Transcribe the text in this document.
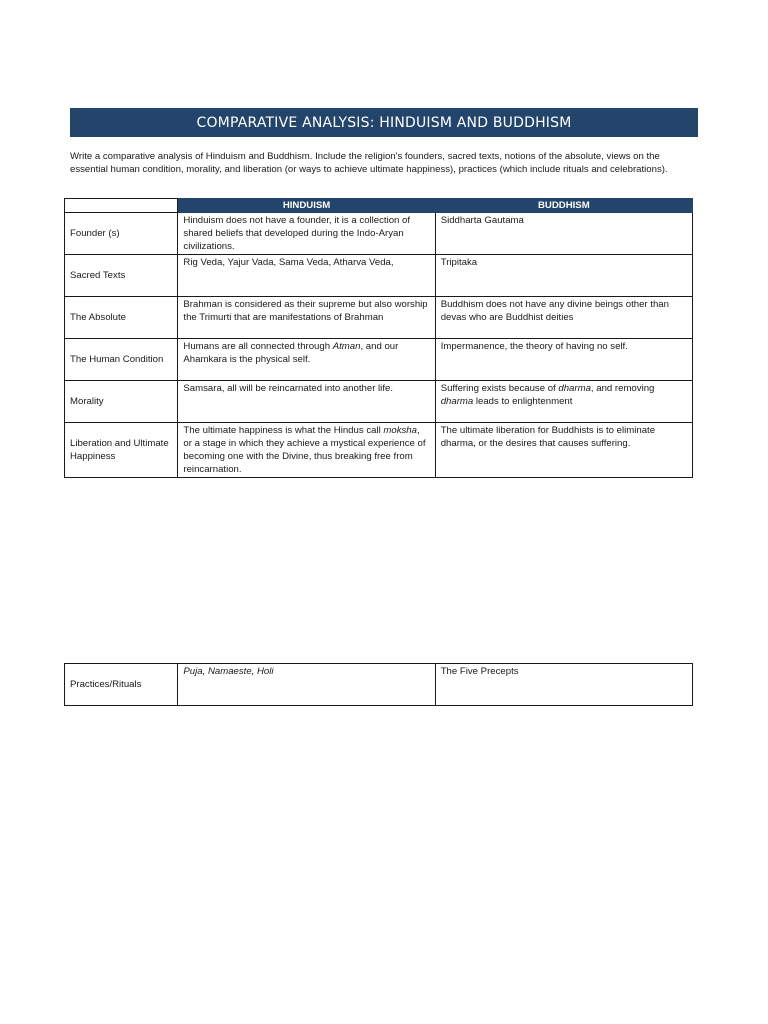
COMPARATIVE ANALYSIS: HINDUISM AND BUDDHISM
Write a comparative analysis of Hinduism and Buddhism. Include the religion's founders, sacred texts, notions of the absolute, views on the essential human condition, morality, and liberation (or ways to achieve ultimate happiness), practices (which include rituals and celebrations).
	HINDUISM	BUDDHISM
Founder (s)	Hinduism does not have a founder, it is a collection of shared beliefs that developed during the Indo-Aryan civilizations.	Siddharta Gautama
Sacred Texts	Rig Veda, Yajur Vada, Sama Veda, Atharva Veda,	Tripitaka
The Absolute	Brahman is considered as their supreme but also worship the Trimurti that are manifestations of Brahman	Buddhism does not have any divine beings other than devas who are Buddhist deities
The Human Condition	Humans are all connected through Atman, and our Ahamkara is the physical self.	Impermanence, the theory of having no self.
Morality	Samsara, all will be reincarnated into another life.	Suffering exists because of dharma, and removing dharma leads to enlightenment
Liberation and Ultimate Happiness	The ultimate happiness is what the Hindus call moksha, or a stage in which they achieve a mystical experience of becoming one with the Divine, thus breaking free from reincarnation.	The ultimate liberation for Buddhists is to eliminate dharma, or the desires that causes suffering.
Practices/Rituals	Puja, Namaeste, Holi	The Five Precepts
